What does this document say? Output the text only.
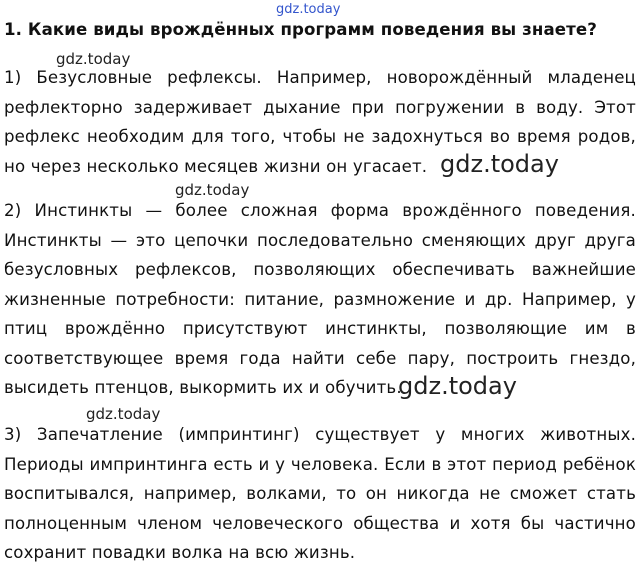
gdz.today
1. Какие виды врождённых программ поведения вы знаете?
gdz.today
1) Безусловные рефлексы. Например, новорождённый младенец рефлекторно задерживает дыхание при погружении в воду. Этот рефлекс необходим для того, чтобы не задохнуться во время родов, но через несколько месяцев жизни он угасает. gdz.today
gdz.today
2) Инстинкты — более сложная форма врождённого поведения. Инстинкты — это цепочки последовательно сменяющих друг друга безусловных рефлексов, позволяющих обеспечивать важнейшие жизненные потребности: питание, размножение и др. Например, у птиц врождённо присутствуют инстинкты, позволяющие им в соответствующее время года найти себе пару, построить гнездо, высидеть птенцов, выкормить их и обучить.
gdz.today
gdz.today
3) Запечатление (импринтинг) существует у многих животных. Периоды импринтинга есть и у человека. Если в этот период ребёнок воспитывался, например, волками, то он никогда не сможет стать полноценным членом человеческого общества и хотя бы частично сохранит повадки волка на всю жизнь.
